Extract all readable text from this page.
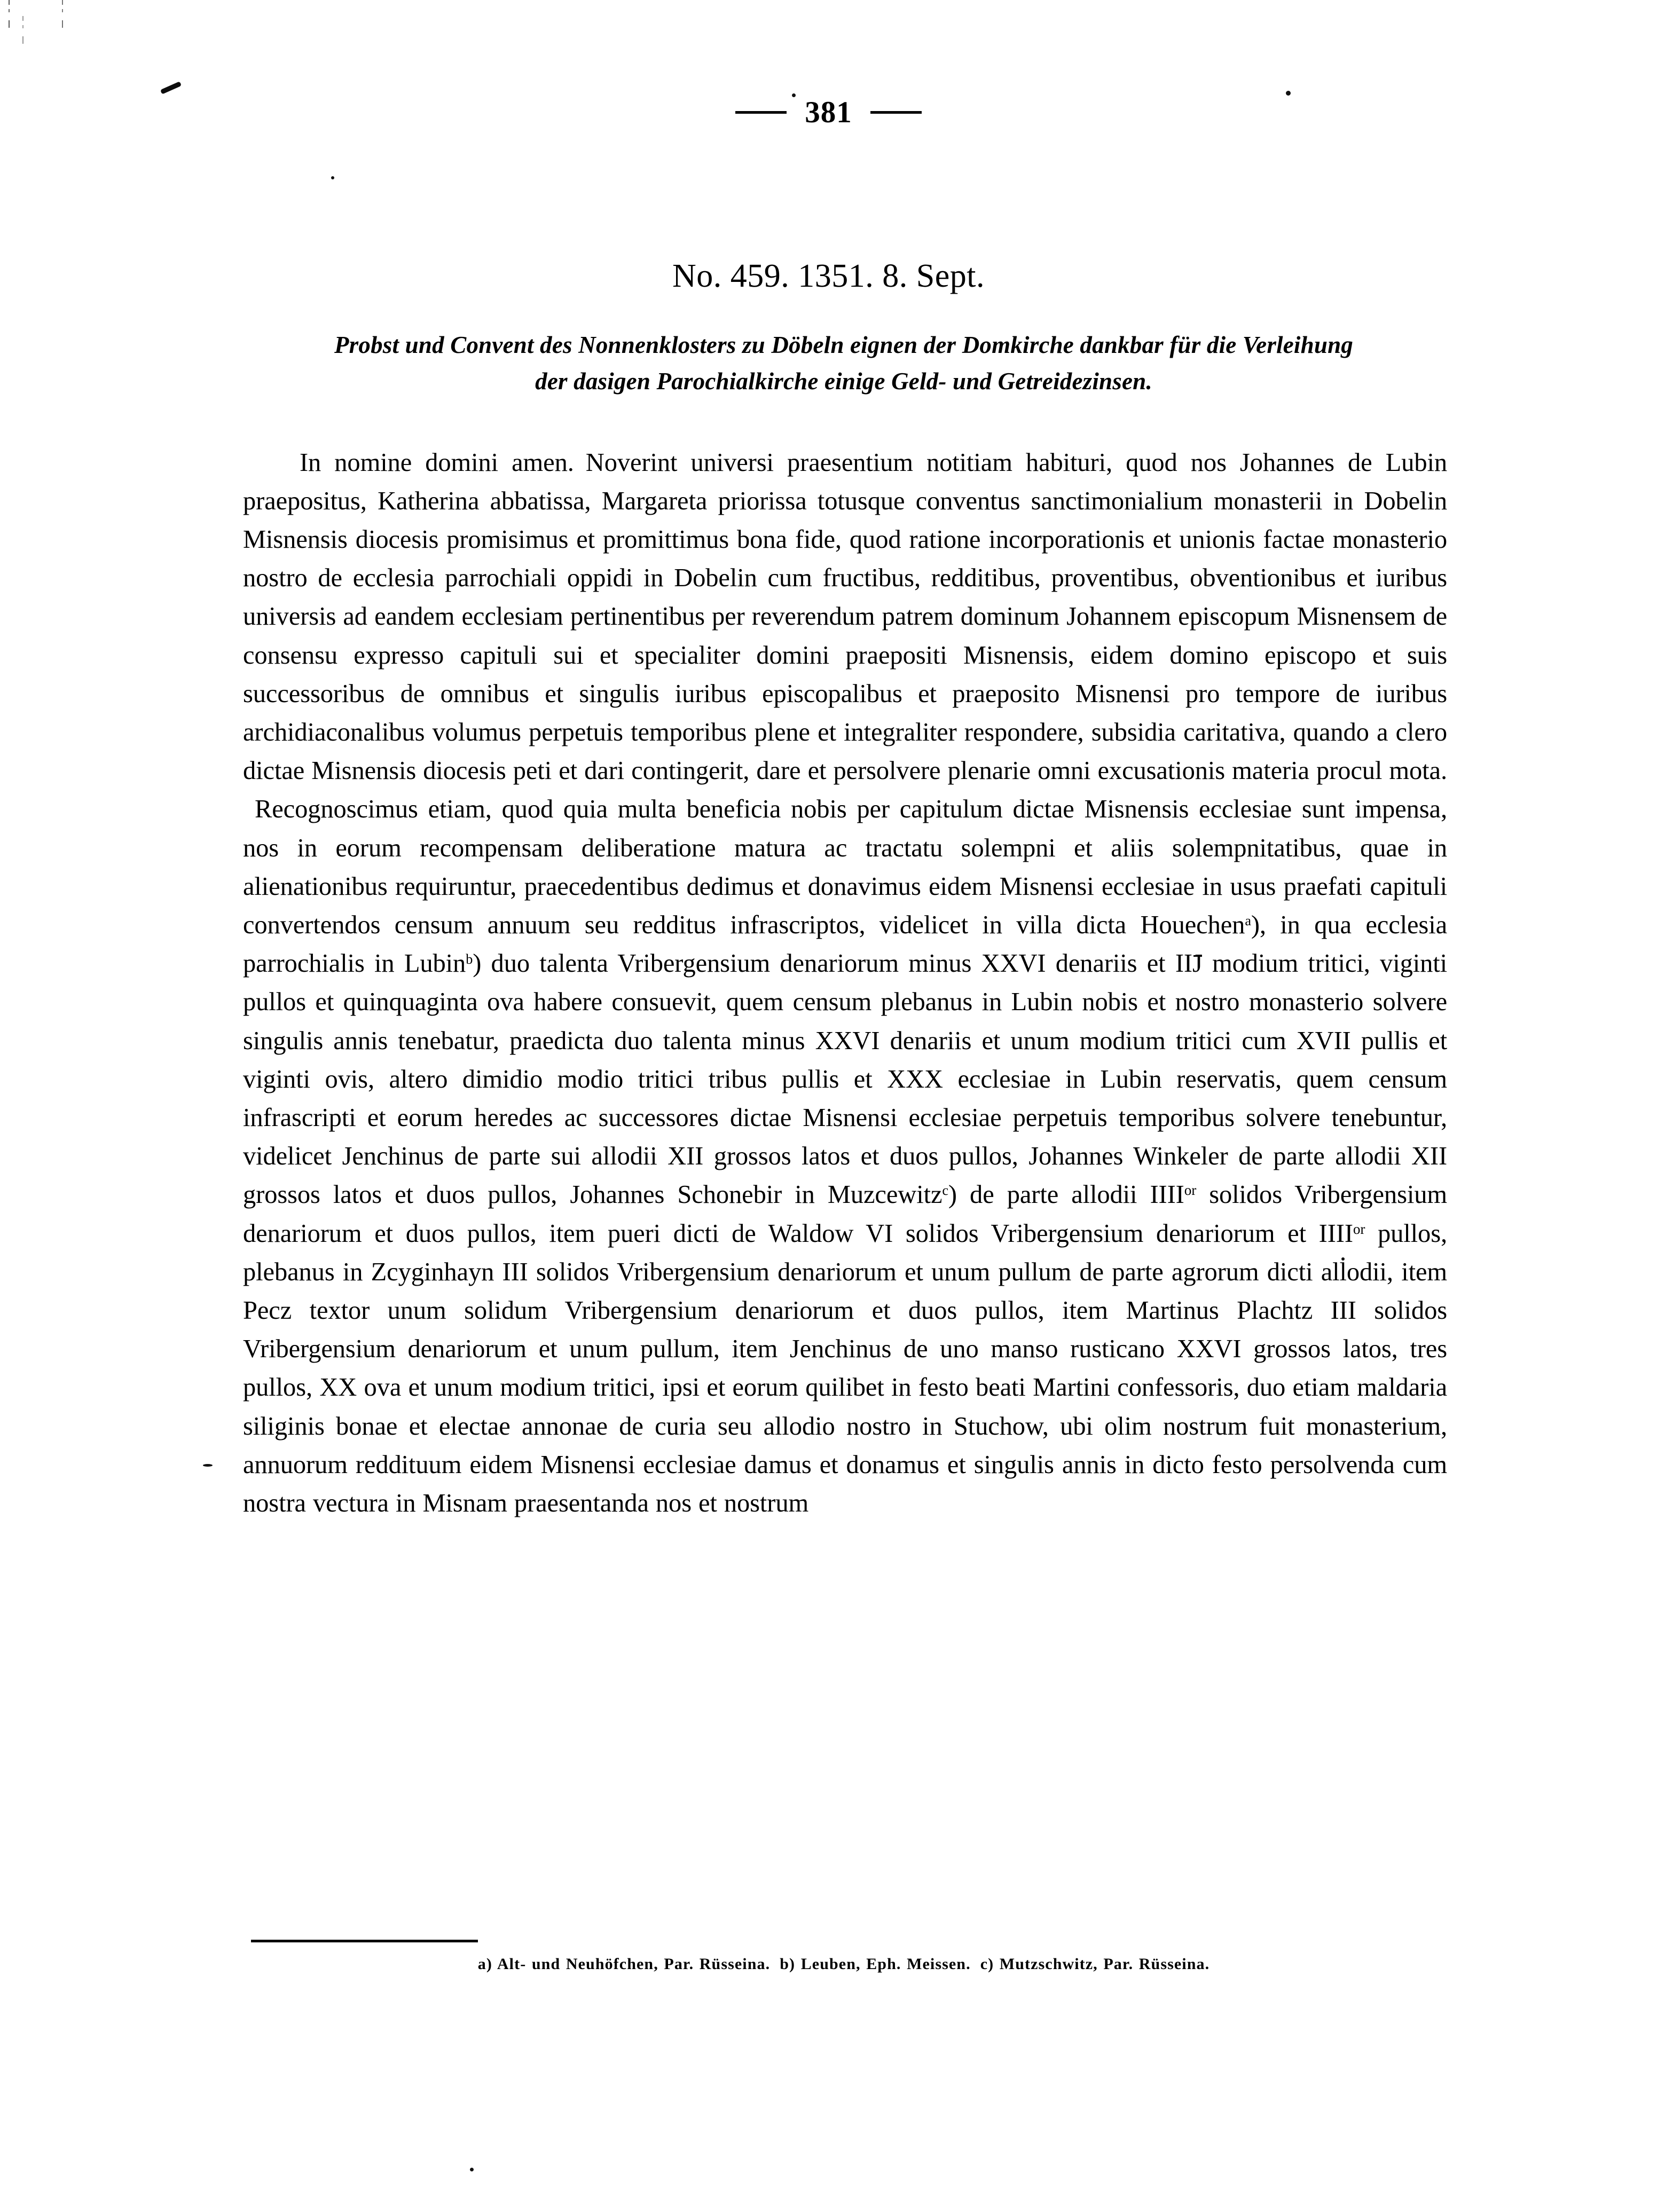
381
No. 459. 1351. 8. Sept.
Probst und Convent des Nonnenklosters zu Döbeln eignen der Domkirche dankbar für die Verleihung
der dasigen Parochialkirche einige Geld- und Getreidezinsen.

In nomine domini amen. Noverint universi praesentium notitiam habituri, quod nos Johannes de Lubin praepositus, Katherina abbatissa, Margareta priorissa totusque conventus sanctimonialium monasterii in Dobelin Misnensis diocesis promisimus et promittimus bona fide, quod ratione incorporationis et unionis factae monasterio nostro de ecclesia parrochiali oppidi in Dobelin cum fructibus, redditibus, proventibus, obventionibus et iuribus universis ad eandem ecclesiam pertinentibus per reverendum patrem dominum Johannem episcopum Misnensem de consensu expresso capituli sui et specialiter domini praepositi Misnensis, eidem domino episcopo et suis successoribus de omnibus et singulis iuribus episcopalibus et praeposito Misnensi pro tempore de iuribus archidiaconalibus volumus perpetuis temporibus plene et integraliter respondere, subsidia caritativa, quando a clero dictae Misnensis diocesis peti et dari contingerit, dare et persolvere plenarie omni excusationis materia procul mota.Recognoscimus etiam, quod quia multa beneficia nobis per capitulum dictae Misnensis ecclesiae sunt impensa, nos in eorum recompensam deliberatione matura ac tractatu solempni et aliis solempnitatibus, quae in alienationibus requiruntur, praecedentibus dedimus et donavimus eidem Misnensi ecclesiae in usus praefati capituli convertendos censum annuum seu redditus infrascriptos, videlicet in villa dicta Houechen$^a$), in qua ecclesia parrochialis in Lubin$^b$) duo talenta Vribergensium denariorum minus XXVI denariis et IIJ modium tritici, viginti pullos et quinquaginta ova habere consuevit, quem censum plebanus in Lubin nobis et nostro monasterio solvere singulis annis tenebatur, praedicta duo talenta minus XXVI denariis et unum modium tritici cum XVII pullis et viginti ovis, altero dimidio modio tritici tribus pullis et XXX ecclesiae in Lubin reservatis, quem censum infrascripti et eorum heredes ac successores dictae Misnensi ecclesiae perpetuis temporibus solvere tenebuntur, videlicet Jenchinus de parte sui allodii XII grossos latos et duos pullos, Johannes Winkeler de parte allodii XII grossos latos et duos pullos, Johannes Schonebir in Muzcewitz$^c$) de parte allodii $IIII^{or}$ solidos Vribergensium denariorum et duos pullos, item pueri dicti de Waldow VI solidos Vribergensium denariorum et $IIII^{or}$ pullos, plebanus in Zcyginhayn III solidos Vribergensium denariorum et unum pullum de parte agrorum dicti allodii, item Pecz textor unum solidum Vribergensium denariorum et duos pullos, item Martinus Plachtz III solidos Vribergensium denariorum et unum pullum, item Jenchinus de uno manso rusticano XXVI grossos latos, tres pullos, XX ova et unum modium tritici, ipsi et eorum quilibet in festo beati Martini confessoris, duo etiam maldaria siliginis bonae et electae annonae de curia seu allodio nostro in Stuchow, ubi olim nostrum fuit monasterium, annuorum reddituum eidem Misnensi ecclesiae damus et donamus et singulis annis in dicto festo persolvenda cum nostra vectura in Misnam praesentanda nos et nostrum

a) Alt- und Neuhöfchen, Par. Rüsseina. b) Leuben, Eph. Meissen. c) Mutzschwitz, Par. Rüsseina.
